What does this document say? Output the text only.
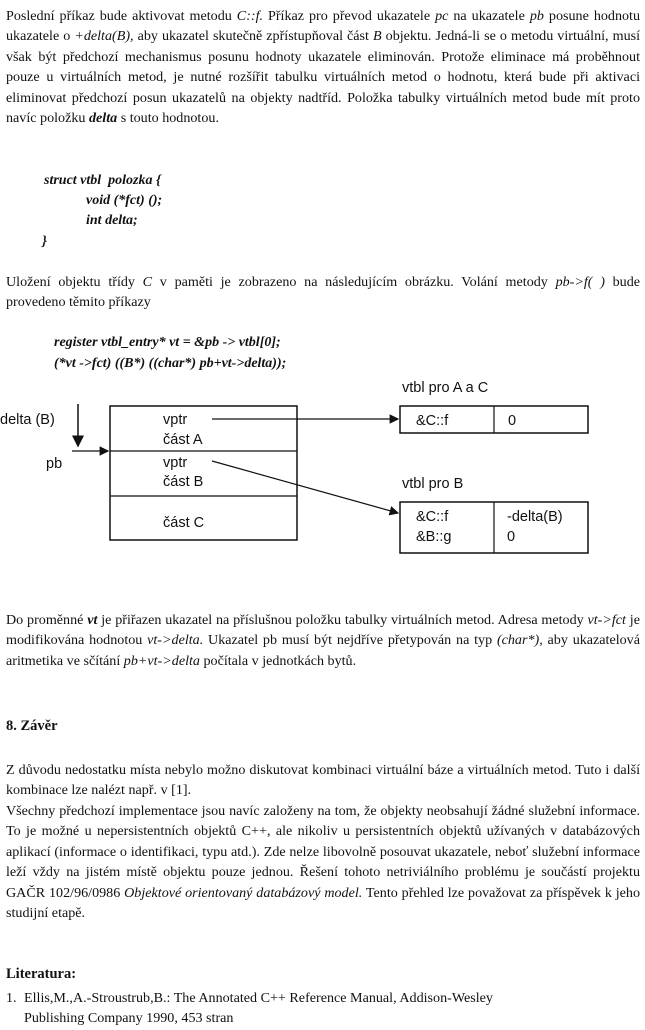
Poslední příkaz bude aktivovat metodu C::f. Příkaz pro převod ukazatele pc na ukazatele pb posune hodnotu ukazatele o +delta(B), aby ukazatel skutečně zpřístupňoval část B objektu. Jedná-li se o metodu virtuální, musí však být předchozí mechanismus posunu hodnoty ukazatele eliminován. Protože eliminace má proběhnout pouze u virtuálních metod, je nutné rozšířit tabulku virtuálních metod o hodnotu, která bude při aktivaci eliminovat předchozí posun ukazatelů na objekty nadtříd. Položka tabulky virtuálních metod bude mít proto navíc položku delta s touto hodnotou.

struct vtbl  polozka {

void (*fct) ();

int delta;

}

Uložení objektu třídy C v paměti je zobrazeno na následujícím obrázku. Volání metody pb->f( ) bude provedeno těmito příkazy

register vtbl_entry* vt = &pb -> vtbl[0];

(*vt ->fct) ((B*) ((char*) pb+vt->delta));

vtbl pro A a C
vtbl pro B
delta (B)
pb
vptr
část A
vptr
část B
část C
&C::f	0
&C::f
&B::g
-delta(B)
0

Do proměnné vt je přiřazen ukazatel na příslušnou položku tabulky virtuálních metod. Adresa metody vt->fct je modifikována hodnotou vt->delta. Ukazatel pb musí být nejdříve přetypován na typ (char*), aby ukazatelová aritmetika ve sčítání pb+vt->delta počítala v jednotkách bytů.

8. Závěr

Z důvodu nedostatku místa nebylo možno diskutovat kombinaci virtuální báze a virtuálních metod. Tuto i další kombinace lze nalézt např. v [1].

Všechny předchozí implementace jsou navíc založeny na tom, že objekty neobsahují žádné služební informace. To je možné u nepersistentních objektů C++, ale nikoliv u persistentních objektů užívaných v databázových aplikací (informace o identifikaci, typu atd.). Zde nelze libovolně posouvat ukazatele, neboť služební informace leží vždy na jistém místě objektu pouze jednou. Řešení tohoto netriviálního problému je součástí projektu GAČR 102/96/0986 Objektové orientovaný databázový model. Tento přehled lze považovat za příspěvek k jeho studijní etapě.

Literatura:
1. Ellis,M.,A.-Stroustrub,B.: The Annotated C++ Reference Manual, Addison-Wesley
Publishing Company 1990, 453 stran
